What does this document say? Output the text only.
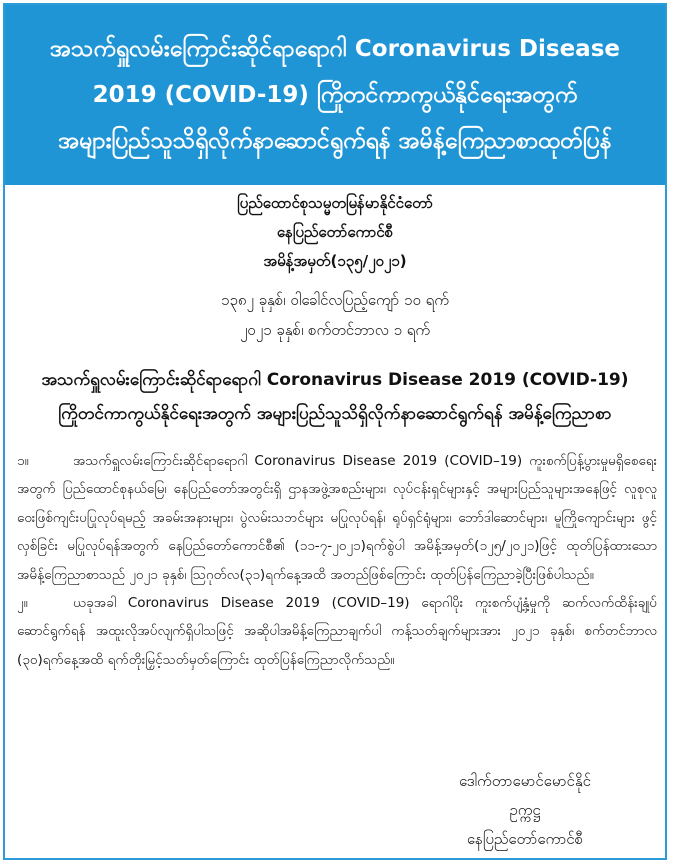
အသက်ရှူလမ်းကြောင်းဆိုင်ရာရောဂါ Coronavirus Disease
2019 (COVID-19) ကြိုတင်ကာကွယ်နိုင်ရေးအတွက်
အများပြည်သူသိရှိလိုက်နာဆောင်ရွက်ရန် အမိန့်ကြေညာစာထုတ်ပြန်
ပြည်ထောင်စုသမ္မတမြန်မာနိုင်ငံတော်
နေပြည်တော်ကောင်စီ
အမိန့်အမှတ်(၁၃၅/၂၀၂၁)
၁၃၈၂ ခုနှစ်၊ ဝါခေါင်လပြည့်ကျော် ၁၀ ရက်
၂၀၂၁ ခုနှစ်၊ စက်တင်ဘာလ ၁ ရက်
အသက်ရှူလမ်းကြောင်းဆိုင်ရာရောဂါ Coronavirus Disease 2019 (COVID-19)
ကြိုတင်ကာကွယ်နိုင်ရေးအတွက် အများပြည်သူသိရှိလိုက်နာဆောင်ရွက်ရန် အမိန့်ကြေညာစာ

၁။	အသက်ရှူလမ်းကြောင်းဆိုင်ရာရောဂါ Coronavirus Disease 2019 (COVID–19) ကူးစက်ပြန့်ပွားမှုမရှိစေရေးအတွက် ပြည်ထောင်စုနယ်မြေ၊ နေပြည်တော်အတွင်းရှိ ဌာနအဖွဲ့အစည်းများ၊ လုပ်ငန်းရှင်များနှင့် အများပြည်သူများအနေဖြင့် လူစုလူဝေးဖြစ်ကျင်းပပြုလုပ်ရမည့် အခမ်းအနားများ၊ ပွဲလမ်းသဘင်များ မပြုလုပ်ရန်၊ ရုပ်ရှင်ရုံများ၊ ဘော်ဒါဆောင်များ၊ မူကြိုကျောင်းများ ဖွင့်လှစ်ခြင်း မပြုလုပ်ရန်အတွက် နေပြည်တော်ကောင်စီ၏ (၁၁-၇-၂၀၂၁)ရက်စွဲပါ အမိန့်အမှတ်(၁၂၅/၂၀၂၁)ဖြင့် ထုတ်ပြန်ထားသော အမိန့်ကြေညာစာသည် ၂၀၂၁ ခုနှစ်၊ ဩဂုတ်လ(၃၁)ရက်နေ့အထိ အတည်ဖြစ်ကြောင်း ထုတ်ပြန်ကြေညာခဲ့ပြီးဖြစ်ပါသည်။

၂။	ယခုအခါ Coronavirus Disease 2019 (COVID–19) ရောဂါပိုး ကူးစက်ပျံ့နှံ့မှုကို ဆက်လက်ထိန်းချုပ်ဆောင်ရွက်ရန် အထူးလိုအပ်လျက်ရှိပါသဖြင့် အဆိုပါအမိန့်ကြေညာချက်ပါ ကန့်သတ်ချက်များအား ၂၀၂၁ ခုနှစ်၊ စက်တင်ဘာလ (၃၀)ရက်နေ့အထိ ရက်တိုးမြှင့်သတ်မှတ်ကြောင်း ထုတ်ပြန်ကြေညာလိုက်သည်။

ဒေါက်တာမောင်မောင်နိုင်
ဥက္ကဋ္ဌ
နေပြည်တော်ကောင်စီ
